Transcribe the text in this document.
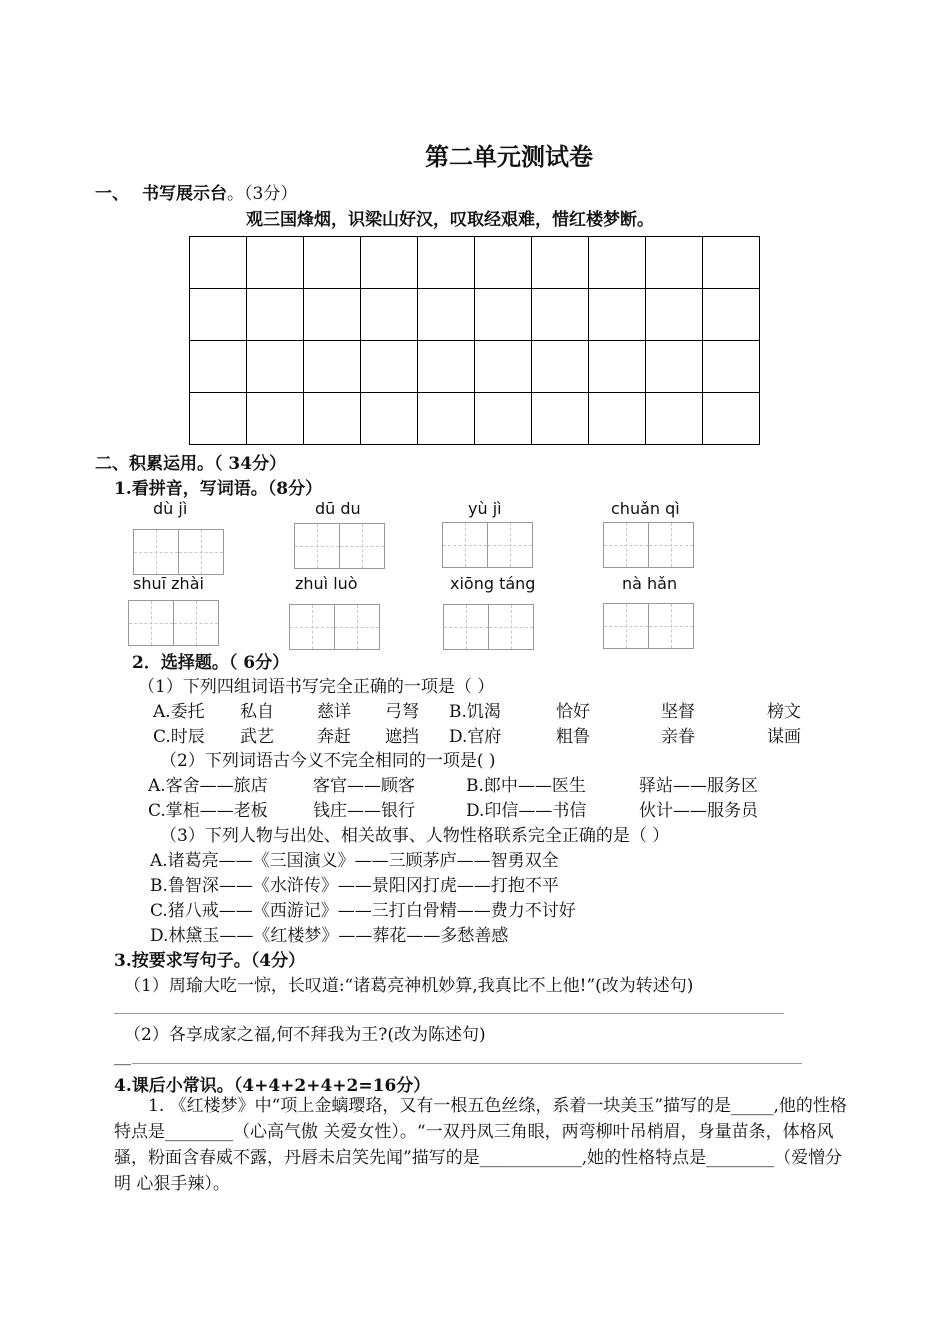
第二单元测试卷
一、 书写展示台。（3分）
观三国烽烟，识梁山好汉，叹取经艰难，惜红楼梦断。

二、积累运用。（ 34分）
1.看拼音，写词语。（8分）
dù jì	dū du	yù jì	chuǎn qì
shuī zhài	zhuì luò	xiōng táng	nà hǎn
2．选择题。（ 6分）
（1）下列四组词语书写完全正确的一项是（ ）
A.委托 私自	慈详 弓弩 B.饥渴	恰好	坚督	榜文
C.时辰 武艺	奔赶 遮挡 D.官府	粗鲁	亲眷	谋画
（2）下列词语古今义不完全相同的一项是( )
A.客舍——旅店	客官——顾客	B.郎中——医生	驿站——服务区
C.掌柜——老板	钱庄——银行	D.印信——书信	伙计——服务员
（3）下列人物与出处、相关故事、人物性格联系完全正确的是（ ）
A.诸葛亮——《三国演义》——三顾茅庐——智勇双全
B.鲁智深——《水浒传》——景阳冈打虎——打抱不平
C.猪八戒——《西游记》——三打白骨精——费力不讨好
D.林黛玉——《红楼梦》——葬花——多愁善感
3.按要求写句子。（4分）
（1）周瑜大吃一惊，长叹道:“诸葛亮神机妙算,我真比不上他!”(改为转述句)
（2）各享成家之福,何不拜我为王?(改为陈述句)
__
4.课后小常识。（4+4+2+4+2=16分）
1. 《红楼梦》中“项上金螭璎珞，又有一根五色丝绦，系着一块美玉”描写的是_____,他的性格特点是________（心高气傲 关爱女性）。“一双丹凤三角眼，两弯柳叶吊梢眉，身量苗条，体格风骚，粉面含春威不露，丹唇未启笑先闻”描写的是____________,她的性格特点是________（爱憎分明 心狠手辣）。
